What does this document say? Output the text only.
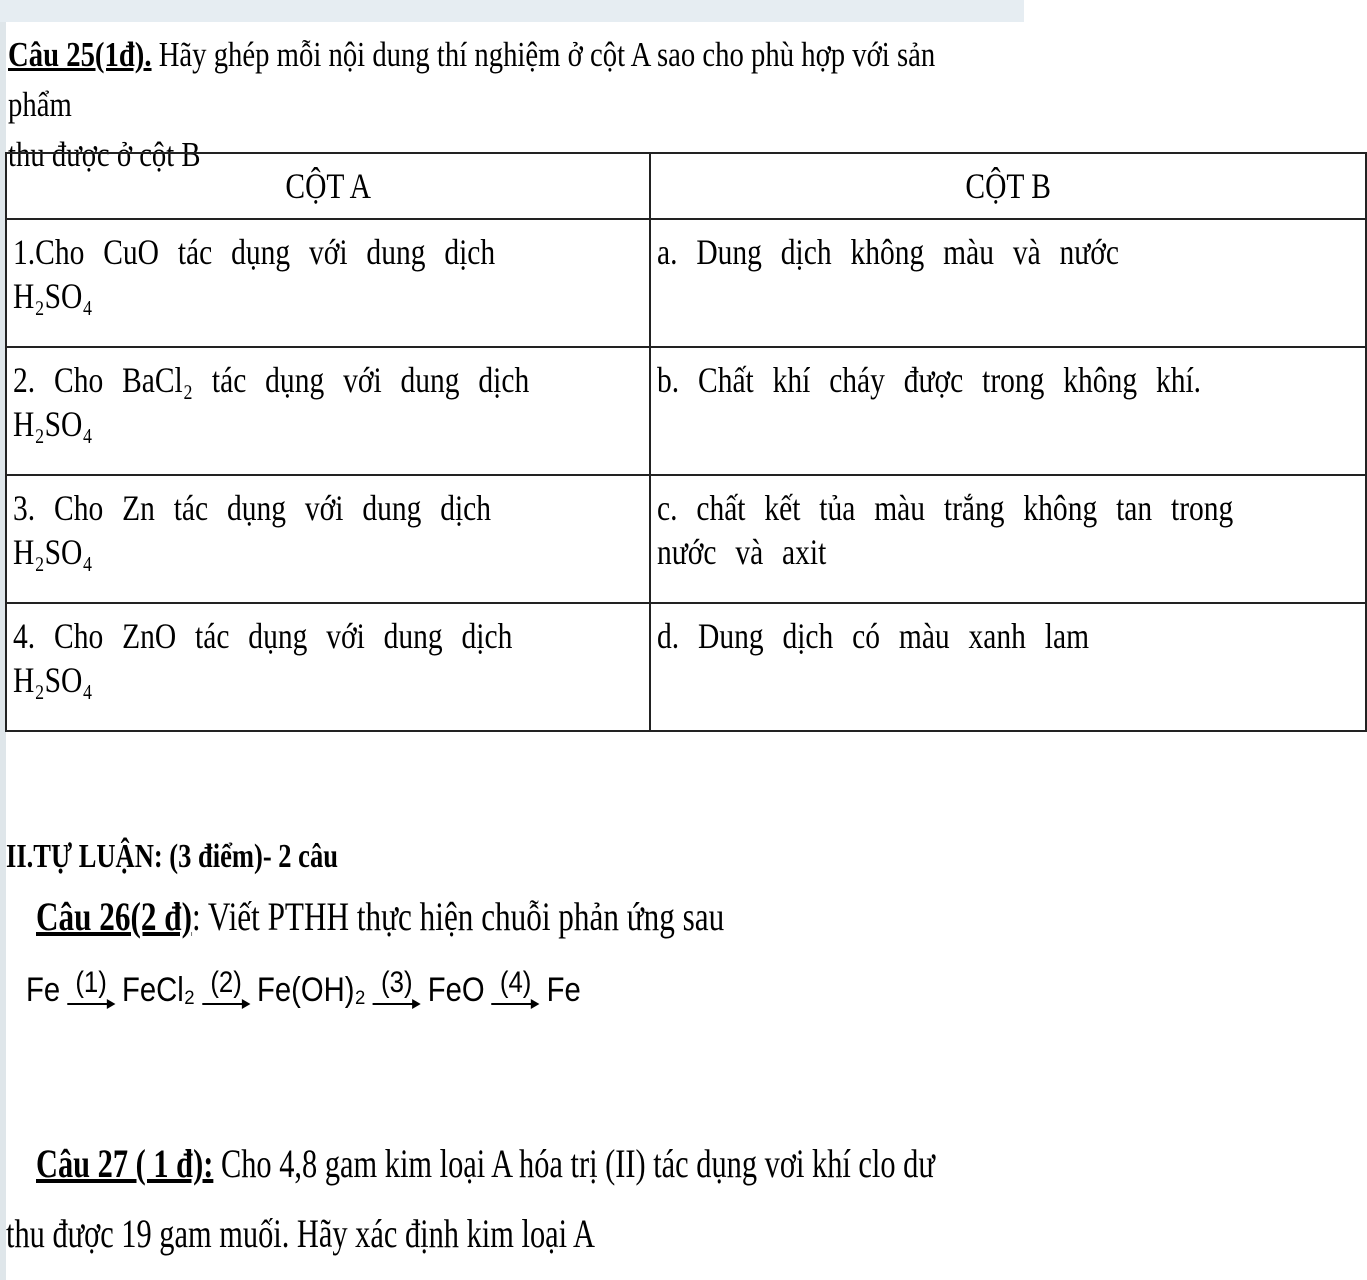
Câu 25(1đ). Hãy ghép mỗi nội dung thí nghiệm ở cột A sao cho phù hợp với sản phẩm
thu được ở cột B
CỘT A	CỘT B

1.Cho CuO tác dụng với dung dịch
H₂SO₄	a. Dung dịch không màu và nước

2. Cho BaCl₂ tác dụng với dung dịch
H₂SO₄	b. Chất khí cháy được trong không khí.

3. Cho Zn tác dụng với dung dịch
H₂SO₄	c. chất kết tủa màu trắng không tan trong
nước và axit

4. Cho ZnO tác dụng với dung dịch
H₂SO₄	d. Dung dịch có màu xanh lam
II.TỰ LUẬN: (3 điểm)- 2 câu
Câu 26(2 đ): Viết PTHH thực hiện chuỗi phản ứng sau
Fe (1) FeCl₂ (2) Fe(OH)₂ (3) FeO (4) Fe
Câu 27 ( 1 đ): Cho 4,8 gam kim loại A hóa trị (II) tác dụng vơi khí clo dư
thu được 19 gam muối. Hãy xác định kim loại A
